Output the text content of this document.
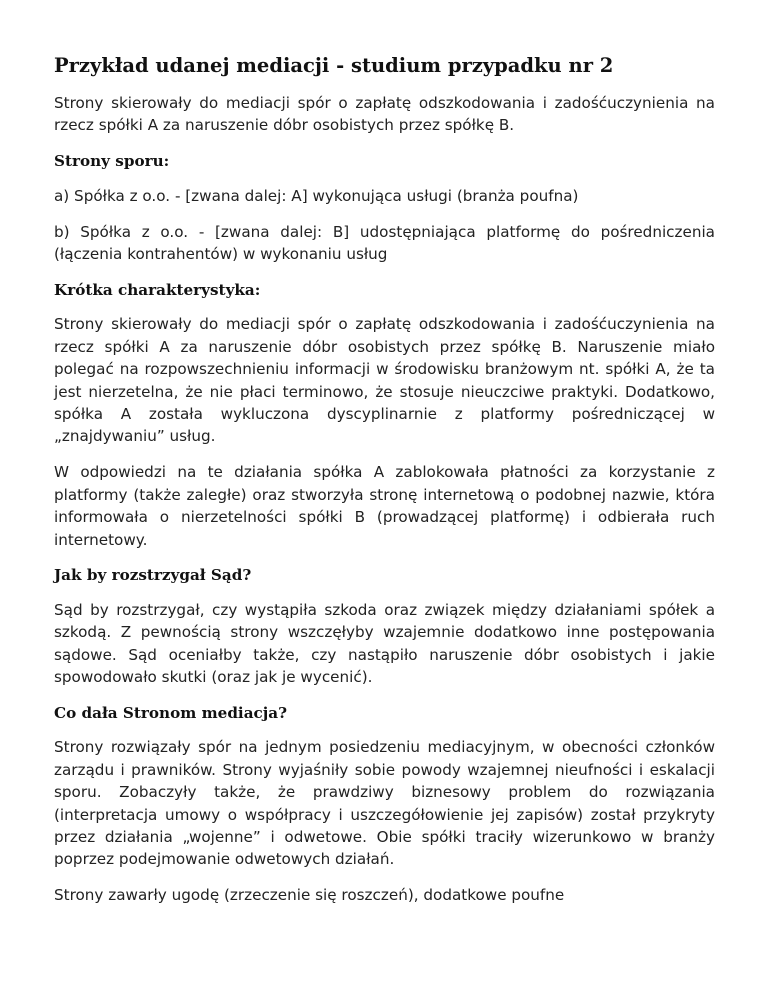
Przykład udanej mediacji - studium przypadku nr 2

Strony skierowały do mediacji spór o zapłatę odszkodowania i zadośćuczynienia na rzecz spółki A za naruszenie dóbr osobistych przez spółkę B.

Strony sporu:

a) Spółka z o.o. - [zwana dalej: A] wykonująca usługi (branża poufna)

b) Spółka z o.o. - [zwana dalej: B] udostępniająca platformę do pośredniczenia (łączenia kontrahentów) w wykonaniu usług

Krótka charakterystyka:

Strony skierowały do mediacji spór o zapłatę odszkodowania i zadośćuczynienia na rzecz spółki A za naruszenie dóbr osobistych przez spółkę B. Naruszenie miało polegać na rozpowszechnieniu informacji w środowisku branżowym nt. spółki A, że ta jest nierzetelna, że nie płaci terminowo, że stosuje nieuczciwe praktyki. Dodatkowo, spółka A została wykluczona dyscyplinarnie z platformy pośredniczącej w „znajdywaniu” usług.

W odpowiedzi na te działania spółka A zablokowała płatności za korzystanie z platformy (także zaległe) oraz stworzyła stronę internetową o podobnej nazwie, która informowała o nierzetelności spółki B (prowadzącej platformę) i odbierała ruch internetowy.

Jak by rozstrzygał Sąd?

Sąd by rozstrzygał, czy wystąpiła szkoda oraz związek między działaniami spółek a szkodą. Z pewnością strony wszczęłyby wzajemnie dodatkowo inne postępowania sądowe. Sąd oceniałby także, czy nastąpiło naruszenie dóbr osobistych i jakie spowodowało skutki (oraz jak je wycenić).

Co dała Stronom mediacja?

Strony rozwiązały spór na jednym posiedzeniu mediacyjnym, w obecności członków zarządu i prawników. Strony wyjaśniły sobie powody wzajemnej nieufności i eskalacji sporu. Zobaczyły także, że prawdziwy biznesowy problem do rozwiązania (interpretacja umowy o współpracy i uszczegółowienie jej zapisów) został przykryty przez działania „wojenne” i odwetowe. Obie spółki traciły wizerunkowo w branży poprzez podejmowanie odwetowych działań.

Strony zawarły ugodę (zrzeczenie się roszczeń), dodatkowe poufne
